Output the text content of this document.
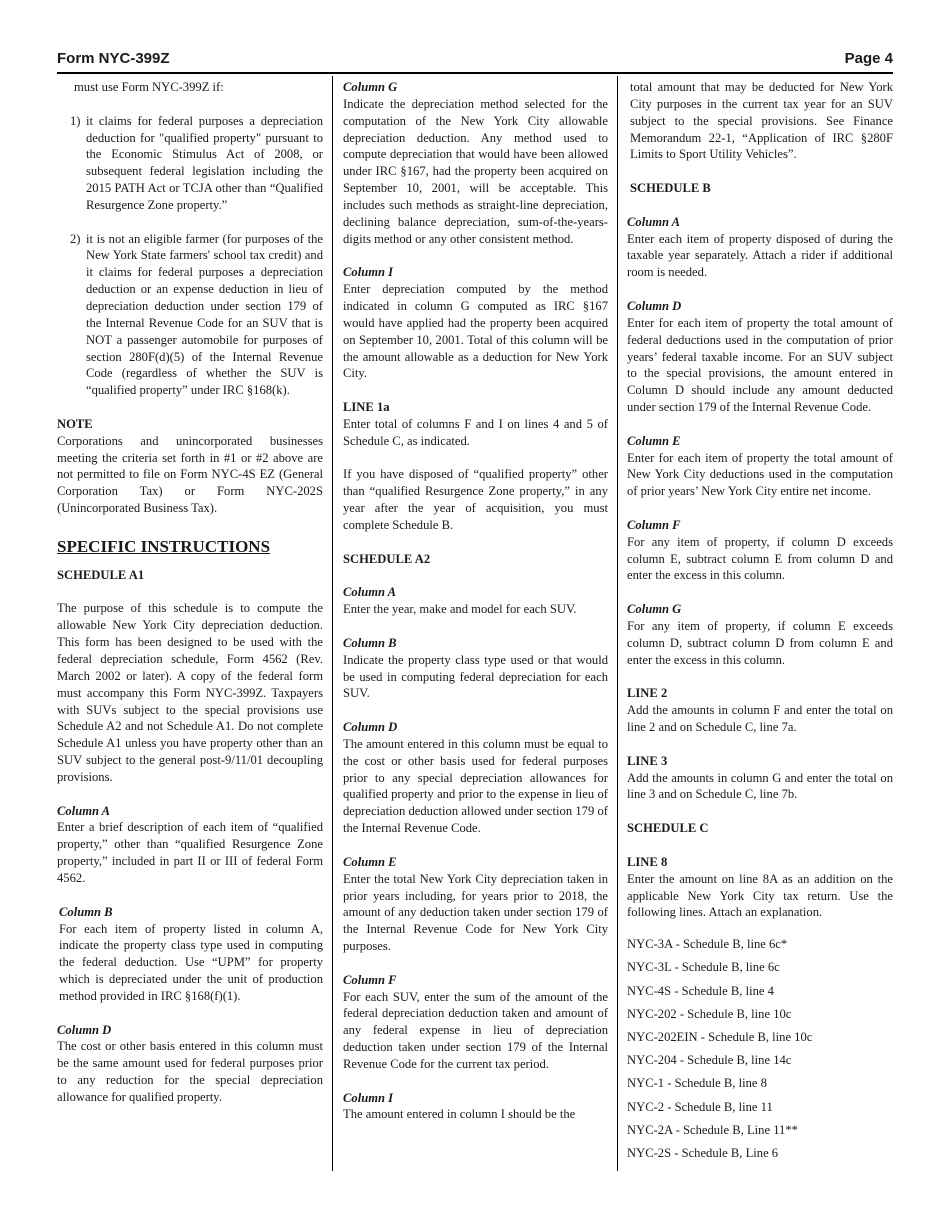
Form NYC-399Z	Page 4

must use Form NYC-399Z if:

1) it claims for federal purposes a depreciation deduction for "qualified property" pursuant to the Economic Stimulus Act of 2008, or subsequent federal legislation including the 2015 PATH Act or TCJA other than “Qualified Resurgence Zone property.”
2) it is not an eligible farmer (for purposes of the New York State farmers' school tax credit) and it claims for federal purposes a depreciation deduction or an expense deduction in lieu of depreciation deduction under section 179 of the Internal Revenue Code for an SUV that is NOT a passenger automobile for purposes of section 280F(d)(5) of the Internal Revenue Code (regardless of whether the SUV is “qualified property” under IRC §168(k).

NOTE

Corporations and unincorporated businesses meeting the criteria set forth in #1 or #2 above are not permitted to file on Form NYC-4S EZ (General Corporation Tax) or Form NYC-202S (Unincorporated Business Tax).

SPECIFIC INSTRUCTIONS

SCHEDULE A1

The purpose of this schedule is to compute the allowable New York City depreciation deduction. This form has been designed to be used with the federal depreciation schedule, Form 4562 (Rev. March 2002 or later). A copy of the federal form must accompany this Form NYC-399Z. Taxpayers with SUVs subject to the special provisions use Schedule A2 and not Schedule A1. Do not complete Schedule A1 unless you have property other than an SUV subject to the general post-9/11/01 decoupling provisions.

Column A

Enter a brief description of each item of “qualified property,” other than “qualified Resurgence Zone property,” included in part II or III of federal Form 4562.

Column B

For each item of property listed in column A, indicate the property class type used in computing the federal deduction. Use “UPM” for property which is depreciated under the unit of production method provided in IRC §168(f)(1).

Column D

The cost or other basis entered in this column must be the same amount used for federal purposes prior to any reduction for the special depreciation allowance for qualified property.

Column G

Indicate the depreciation method selected for the computation of the New York City allowable depreciation deduction. Any method used to compute depreciation that would have been allowed under IRC §167, had the property been acquired on September 10, 2001, will be acceptable. This includes such methods as straight-line depreciation, declining balance depreciation, sum-of-the-years-digits method or any other consistent method.

Column I

Enter depreciation computed by the method indicated in column G computed as IRC §167 would have applied had the property been acquired on September 10, 2001. Total of this column will be the amount allowable as a deduction for New York City.

LINE 1a

Enter total of columns F and I on lines 4 and 5 of Schedule C, as indicated.

If you have disposed of “qualified property” other than “qualified Resurgence Zone property,” in any year after the year of acquisition, you must complete Schedule B.

SCHEDULE A2

Column A

Enter the year, make and model for each SUV.

Column B

Indicate the property class type used or that would be used in computing federal depreciation for each SUV.

Column D

The amount entered in this column must be equal to the cost or other basis used for federal purposes prior to any special depreciation allowances for qualified property and prior to the expense in lieu of depreciation deduction allowed under section 179 of the Internal Revenue Code.

Column E

Enter the total New York City depreciation taken in prior years including, for years prior to 2018, the amount of any deduction taken under section 179 of the Internal Revenue Code for New York City purposes.

Column F

For each SUV, enter the sum of the amount of the federal depreciation deduction taken and amount of any federal expense in lieu of depreciation deduction taken under section 179 of the Internal Revenue Code for the current tax period.

Column I

The amount entered in column I should be the

total amount that may be deducted for New York City purposes in the current tax year for an SUV subject to the special provisions. See Finance Memorandum 22-1, “Application of IRC §280F Limits to Sport Utility Vehicles”.

SCHEDULE B

Column A

Enter each item of property disposed of during the taxable year separately. Attach a rider if additional room is needed.

Column D

Enter for each item of property the total amount of federal deductions used in the computation of prior years’ federal taxable income. For an SUV subject to the special provisions, the amount entered in Column D should include any amount deducted under section 179 of the Internal Revenue Code.

Column E

Enter for each item of property the total amount of New York City deductions used in the computation of prior years’ New York City entire net income.

Column F

For any item of property, if column D exceeds column E, subtract column E from column D and enter the excess in this column.

Column G

For any item of property, if column E exceeds column D, subtract column D from column E and enter the excess in this column.

LINE 2

Add the amounts in column F and enter the total on line 2 and on Schedule C, line 7a.

LINE 3

Add the amounts in column G and enter the total on line 3 and on Schedule C, line 7b.

SCHEDULE C

LINE 8

Enter the amount on line 8A as an addition on the applicable New York City tax return. Use the following lines. Attach an explanation.

NYC-3A - Schedule B, line 6c*

NYC-3L - Schedule B, line 6c

NYC-4S - Schedule B, line 4

NYC-202 - Schedule B, line 10c

NYC-202EIN - Schedule B, line 10c

NYC-204 - Schedule B, line 14c

NYC-1 - Schedule B, line 8

NYC-2 - Schedule B, line 11

NYC-2A - Schedule B, Line 11**

NYC-2S - Schedule B, Line 6
